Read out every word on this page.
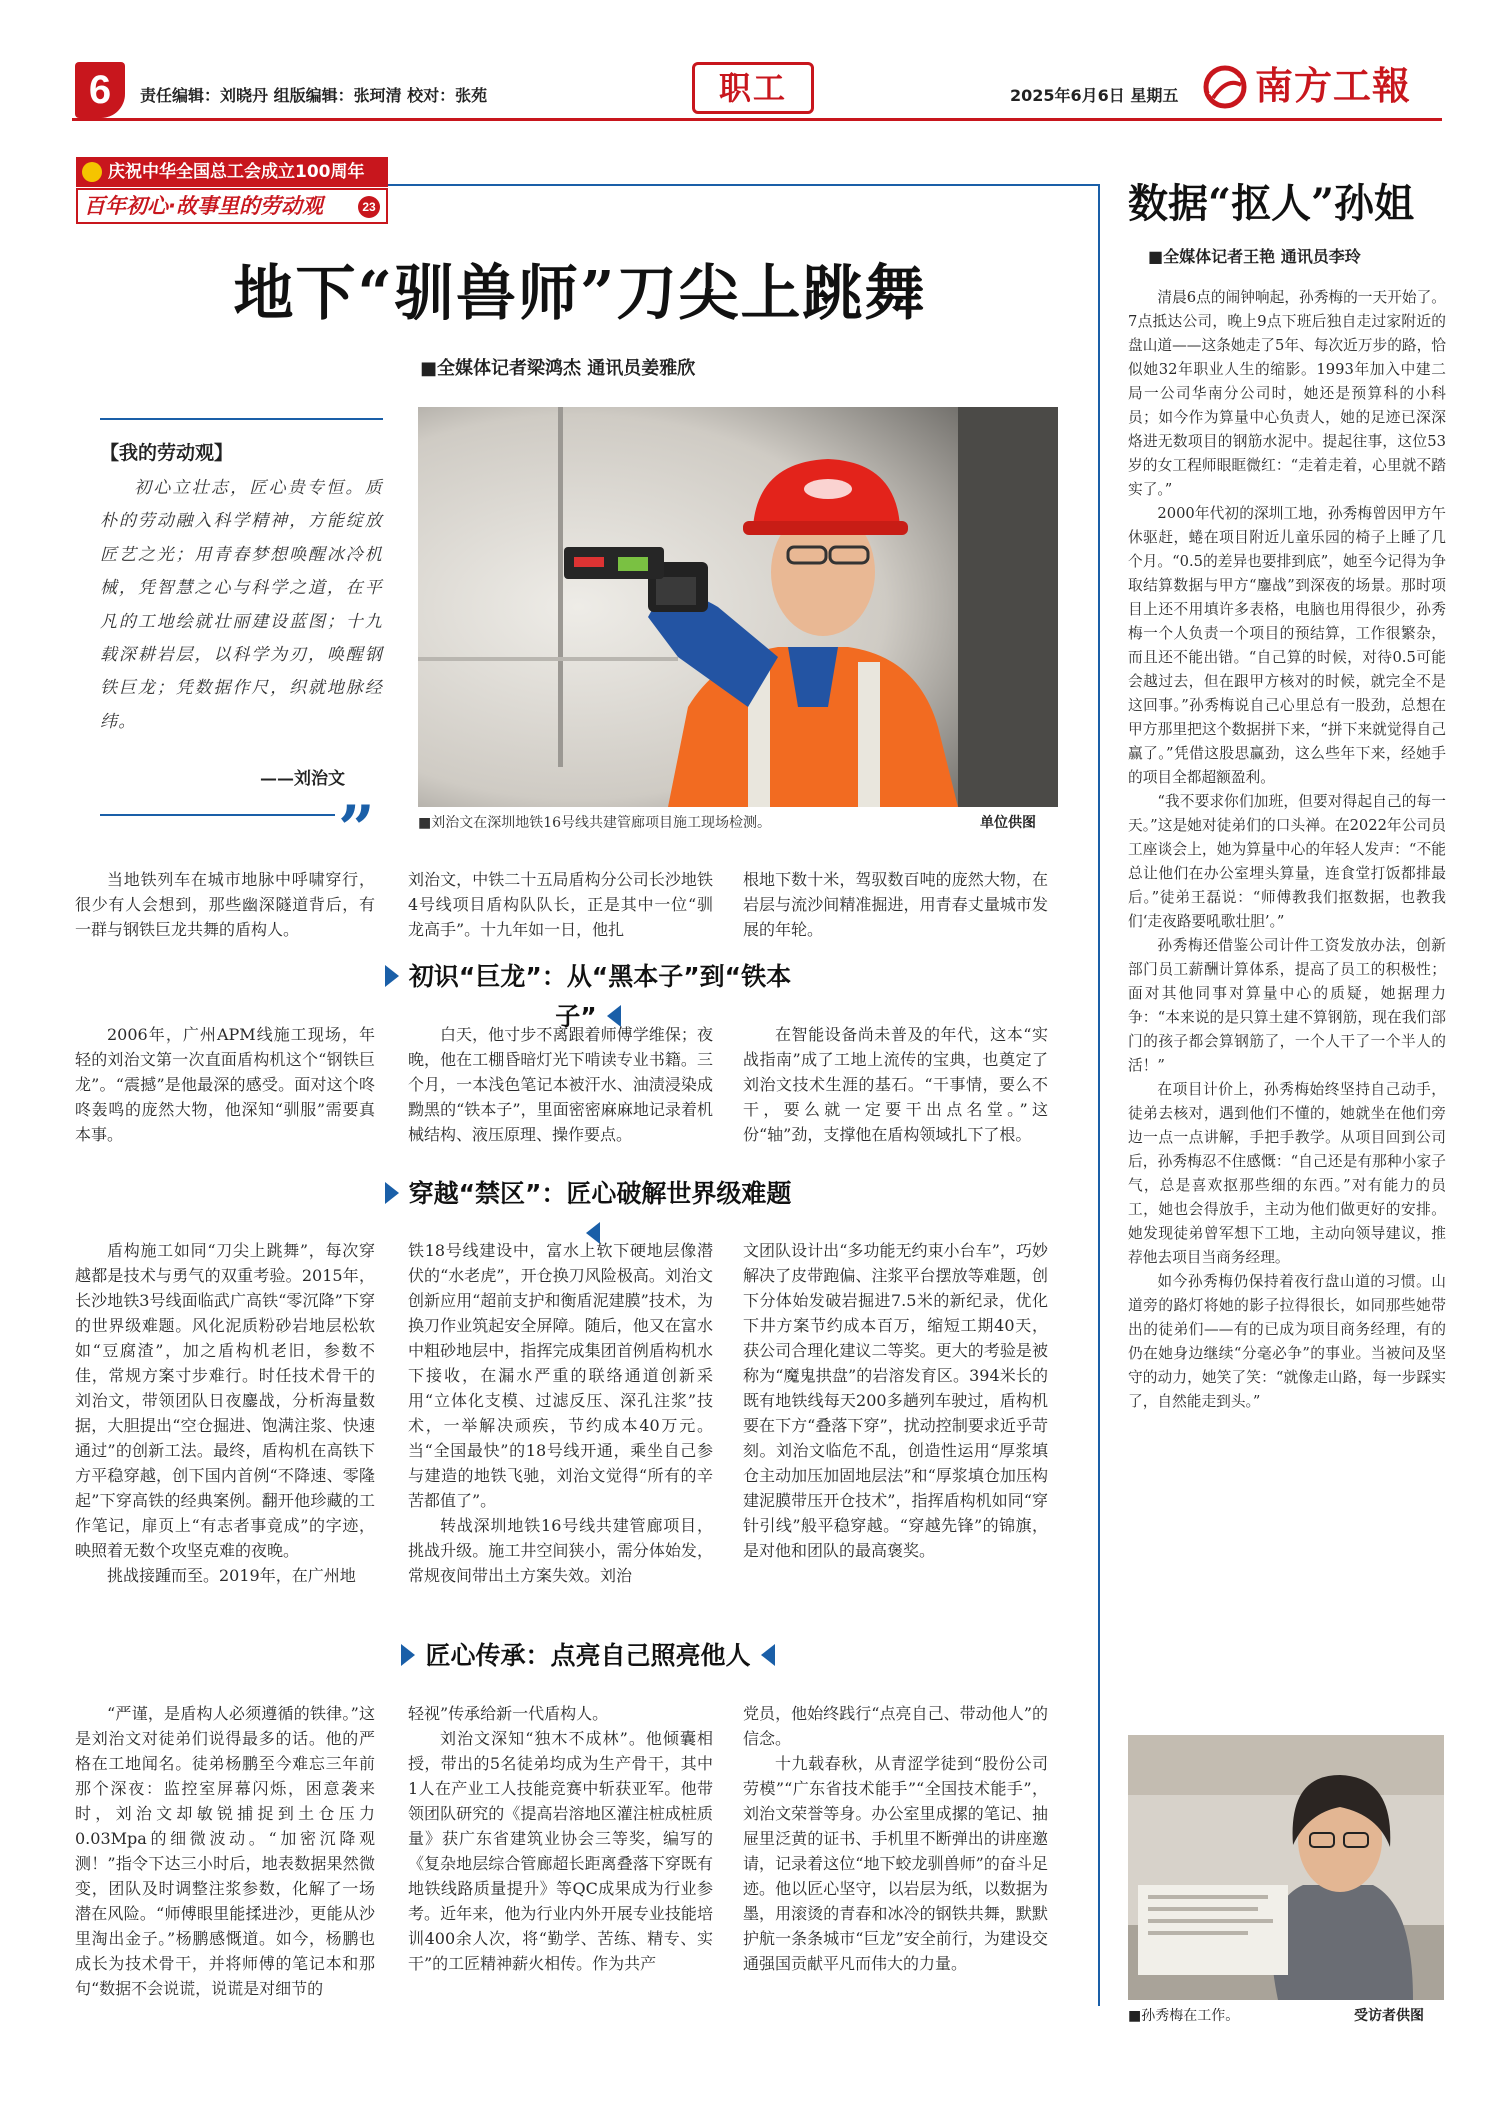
6	责任编辑：刘晓丹 组版编辑：张珂清 校对：张苑	职工	2025年6月6日 星期五 南方工報
庆祝中华全国总工会成立100周年
百年初心·故事里的劳动观	23
地下“驯兽师”刀尖上跳舞
■全媒体记者梁鸿杰 通讯员姜雅欣
【我的劳动观】
初心立壮志，匠心贵专恒。质朴的劳动融入科学精神，方能绽放匠艺之光；用青春梦想唤醒冰冷机械，凭智慧之心与科学之道，在平凡的工地绘就壮丽建设蓝图；十九载深耕岩层，以科学为刃，唤醒钢铁巨龙；凭数据作尺，织就地脉经纬。
——刘治文
”	■刘治文在深圳地铁16号线共建管廊项目施工现场检测。	单位供图

当地铁列车在城市地脉中呼啸穿行，很少有人会想到，那些幽深隧道背后，有一群与钢铁巨龙共舞的盾构人。

刘治文，中铁二十五局盾构分公司长沙地铁4号线项目盾构队队长，正是其中一位“驯龙高手”。十九年如一日，他扎

根地下数十米，驾驭数百吨的庞然大物，在岩层与流沙间精准掘进，用青春丈量城市发展的年轮。

初识“巨龙”：从“黑本子”到“铁本子”

2006年，广州APM线施工现场，年轻的刘治文第一次直面盾构机这个“钢铁巨龙”。“震撼”是他最深的感受。面对这个咚咚轰鸣的庞然大物，他深知“驯服”需要真本事。

白天，他寸步不离跟着师傅学维保；夜晚，他在工棚昏暗灯光下啃读专业书籍。三个月，一本浅色笔记本被汗水、油渍浸染成黝黑的“铁本子”，里面密密麻麻地记录着机械结构、液压原理、操作要点。

在智能设备尚未普及的年代，这本“实战指南”成了工地上流传的宝典，也奠定了刘治文技术生涯的基石。“干事情，要么不干，要么就一定要干出点名堂。”这份“轴”劲，支撑他在盾构领域扎下了根。

穿越“禁区”：匠心破解世界级难题

盾构施工如同“刀尖上跳舞”，每次穿越都是技术与勇气的双重考验。2015年，长沙地铁3号线面临武广高铁“零沉降”下穿的世界级难题。风化泥质粉砂岩地层松软如“豆腐渣”，加之盾构机老旧，参数不佳，常规方案寸步难行。时任技术骨干的刘治文，带领团队日夜鏖战，分析海量数据，大胆提出“空仓掘进、饱满注浆、快速通过”的创新工法。最终，盾构机在高铁下方平稳穿越，创下国内首例“不降速、零隆起”下穿高铁的经典案例。翻开他珍藏的工作笔记，扉页上“有志者事竟成”的字迹，映照着无数个攻坚克难的夜晚。

挑战接踵而至。2019年，在广州地

铁18号线建设中，富水上软下硬地层像潜伏的“水老虎”，开仓换刀风险极高。刘治文创新应用“超前支护和衡盾泥建膜”技术，为换刀作业筑起安全屏障。随后，他又在富水中粗砂地层中，指挥完成集团首例盾构机水下接收，在漏水严重的联络通道创新采用“立体化支模、过滤反压、深孔注浆”技术，一举解决顽疾，节约成本40万元。当“全国最快”的18号线开通，乘坐自己参与建造的地铁飞驰，刘治文觉得“所有的辛苦都值了”。

转战深圳地铁16号线共建管廊项目，挑战升级。施工井空间狭小，需分体始发，常规夜间带出土方案失效。刘治

文团队设计出“多功能无约束小台车”，巧妙解决了皮带跑偏、注浆平台摆放等难题，创下分体始发破岩掘进7.5米的新纪录，优化下井方案节约成本百万，缩短工期40天，获公司合理化建议二等奖。更大的考验是被称为“魔鬼拱盘”的岩溶发育区。394米长的既有地铁线每天200多趟列车驶过，盾构机要在下方“叠落下穿”，扰动控制要求近乎苛刻。刘治文临危不乱，创造性运用“厚浆填仓主动加压加固地层法”和“厚浆填仓加压构建泥膜带压开仓技术”，指挥盾构机如同“穿针引线”般平稳穿越。“穿越先锋”的锦旗，是对他和团队的最高褒奖。

匠心传承：点亮自己照亮他人

“严谨，是盾构人必须遵循的铁律。”这是刘治文对徒弟们说得最多的话。他的严格在工地闻名。徒弟杨鹏至今难忘三年前那个深夜：监控室屏幕闪烁，困意袭来时，刘治文却敏锐捕捉到土仓压力0.03Mpa的细微波动。“加密沉降观测！”指令下达三小时后，地表数据果然微变，团队及时调整注浆参数，化解了一场潜在风险。“师傅眼里能揉进沙，更能从沙里淘出金子。”杨鹏感慨道。如今，杨鹏也成长为技术骨干，并将师傅的笔记本和那句“数据不会说谎，说谎是对细节的

轻视”传承给新一代盾构人。

刘治文深知“独木不成林”。他倾囊相授，带出的5名徒弟均成为生产骨干，其中1人在产业工人技能竞赛中斩获亚军。他带领团队研究的《提高岩溶地区灌注桩成桩质量》获广东省建筑业协会三等奖，编写的《复杂地层综合管廊超长距离叠落下穿既有地铁线路质量提升》等QC成果成为行业参考。近年来，他为行业内外开展专业技能培训400余人次，将“勤学、苦练、精专、实干”的工匠精神薪火相传。作为共产

党员，他始终践行“点亮自己、带动他人”的信念。

十九载春秋，从青涩学徒到“股份公司劳模”“广东省技术能手”“全国技术能手”，刘治文荣誉等身。办公室里成摞的笔记、抽屉里泛黄的证书、手机里不断弹出的讲座邀请，记录着这位“地下蛟龙驯兽师”的奋斗足迹。他以匠心坚守，以岩层为纸，以数据为墨，用滚烫的青春和冰冷的钢铁共舞，默默护航一条条城市“巨龙”安全前行，为建设交通强国贡献平凡而伟大的力量。

数据“抠人”孙姐
■全媒体记者王艳 通讯员李玲

清晨6点的闹钟响起，孙秀梅的一天开始了。7点抵达公司，晚上9点下班后独自走过家附近的盘山道——这条她走了5年、每次近万步的路，恰似她32年职业人生的缩影。1993年加入中建二局一公司华南分公司时，她还是预算科的小科员；如今作为算量中心负责人，她的足迹已深深烙进无数项目的钢筋水泥中。提起往事，这位53岁的女工程师眼眶微红：“走着走着，心里就不踏实了。”

2000年代初的深圳工地，孙秀梅曾因甲方午休驱赶，蜷在项目附近儿童乐园的椅子上睡了几个月。“0.5的差异也要排到底”，她至今记得为争取结算数据与甲方“鏖战”到深夜的场景。那时项目上还不用填许多表格，电脑也用得很少，孙秀梅一个人负责一个项目的预结算，工作很繁杂，而且还不能出错。“自己算的时候，对待0.5可能会越过去，但在跟甲方核对的时候，就完全不是这回事。”孙秀梅说自己心里总有一股劲，总想在甲方那里把这个数据拼下来，“拼下来就觉得自己赢了。”凭借这股思赢劲，这么些年下来，经她手的项目全都超额盈利。

“我不要求你们加班，但要对得起自己的每一天。”这是她对徒弟们的口头禅。在2022年公司员工座谈会上，她为算量中心的年轻人发声：“不能总让他们在办公室埋头算量，连食堂打饭都排最后。”徒弟王磊说：“师傅教我们抠数据，也教我们‘走夜路要吼歌壮胆’。”

孙秀梅还借鉴公司计件工资发放办法，创新部门员工薪酬计算体系，提高了员工的积极性；面对其他同事对算量中心的质疑，她据理力争：“本来说的是只算土建不算钢筋，现在我们部门的孩子都会算钢筋了，一个人干了一个半人的活！”

在项目计价上，孙秀梅始终坚持自己动手，徒弟去核对，遇到他们不懂的，她就坐在他们旁边一点一点讲解，手把手教学。从项目回到公司后，孙秀梅忍不住感慨：“自己还是有那种小家子气，总是喜欢抠那些细的东西。”对有能力的员工，她也会得放手，主动为他们做更好的安排。她发现徒弟曾军想下工地，主动向领导建议，推荐他去项目当商务经理。

如今孙秀梅仍保持着夜行盘山道的习惯。山道旁的路灯将她的影子拉得很长，如同那些她带出的徒弟们——有的已成为项目商务经理，有的仍在她身边继续“分毫必争”的事业。当被问及坚守的动力，她笑了笑：“就像走山路，每一步踩实了，自然能走到头。”

■孙秀梅在工作。	受访者供图
